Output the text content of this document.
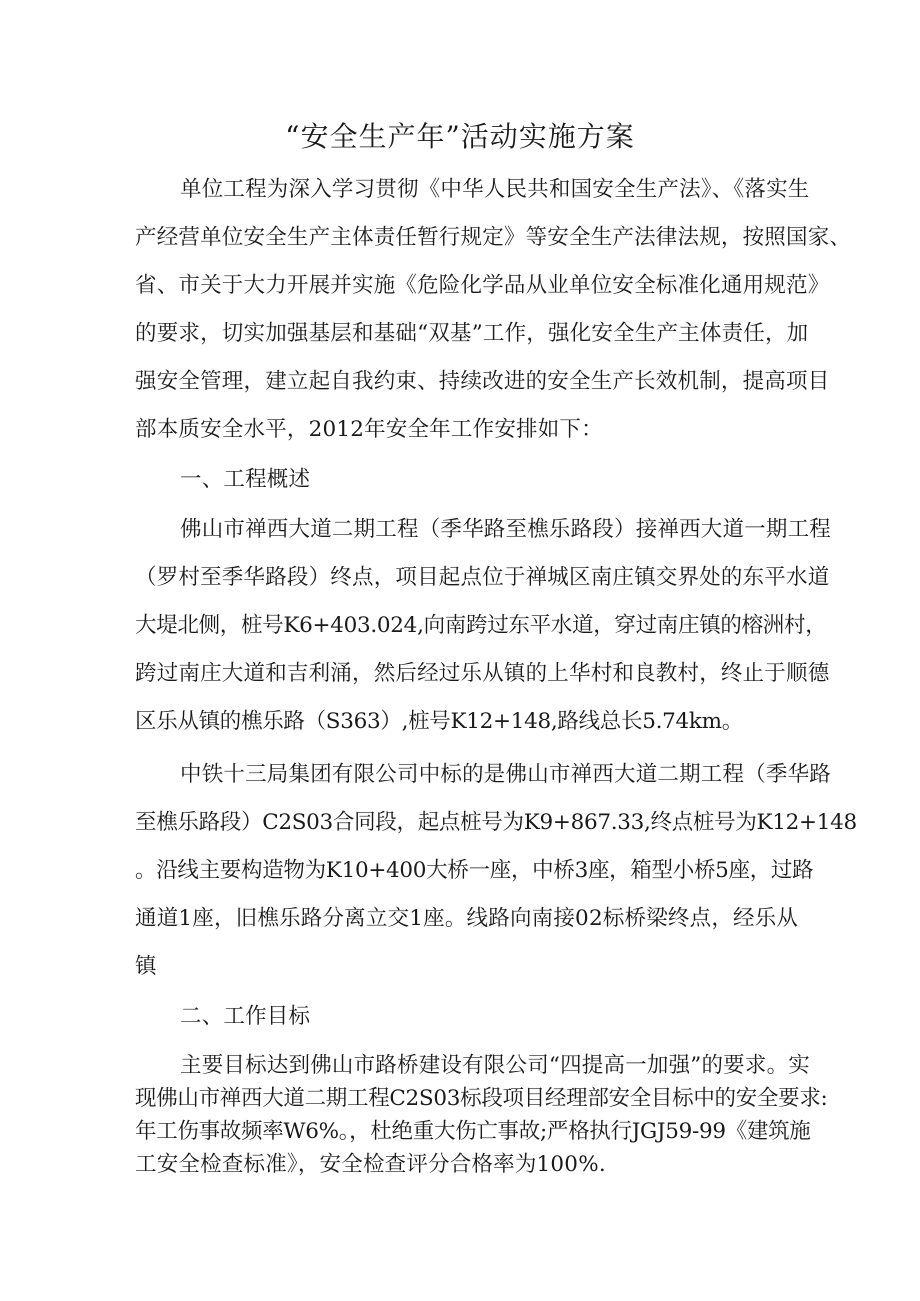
“安全生产年”活动实施方案
单位工程为深入学习贯彻《中华人民共和国安全生产法》、《落实生
产经营单位安全生产主体责任暂行规定》等安全生产法律法规，按照国家、
省、市关于大力开展并实施《危险化学品从业单位安全标准化通用规范》
的要求，切实加强基层和基础“双基”工作，强化安全生产主体责任，加
强安全管理，建立起自我约束、持续改进的安全生产长效机制，提高项目
部本质安全水平，2012年安全年工作安排如下：
一、工程概述
佛山市禅西大道二期工程（季华路至樵乐路段）接禅西大道一期工程
（罗村至季华路段）终点，项目起点位于禅城区南庄镇交界处的东平水道
大堤北侧，桩号K6+403.024,向南跨过东平水道，穿过南庄镇的榕洲村，
跨过南庄大道和吉利涌，然后经过乐从镇的上华村和良教村，终止于顺德
区乐从镇的樵乐路（S363）,桩号K12+148,路线总长5.74km。
中铁十三局集团有限公司中标的是佛山市禅西大道二期工程（季华路
至樵乐路段）C2S03合同段，起点桩号为K9+867.33,终点桩号为K12+148
。沿线主要构造物为K10+400大桥一座，中桥3座，箱型小桥5座，过路
通道1座，旧樵乐路分离立交1座。线路向南接02标桥梁终点，经乐从
镇
二、工作目标
主要目标达到佛山市路桥建设有限公司“四提高一加强”的要求。实
现佛山市禅西大道二期工程C2S03标段项目经理部安全目标中的安全要求:
年工伤事故频率W6%。，杜绝重大伤亡事故;严格执行JGJ59-99《建筑施
工安全检查标准》，安全检查评分合格率为100%.
